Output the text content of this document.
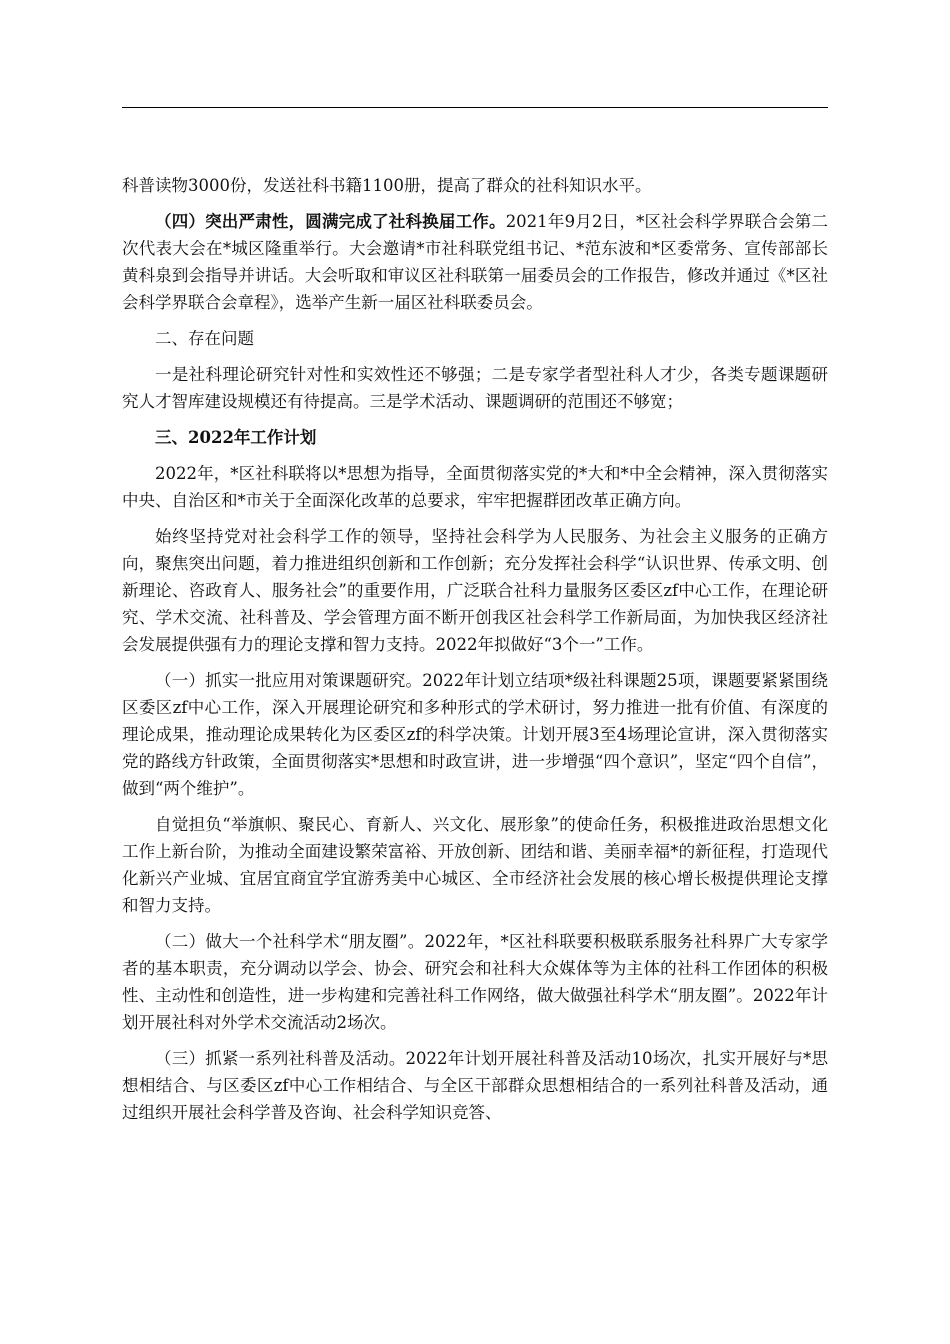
科普读物3000份，发送社科书籍1100册，提高了群众的社科知识水平。

（四）突出严肃性，圆满完成了社科换届工作。2021年9月2日，*区社会科学界联合会第二次代表大会在*城区隆重举行。大会邀请*市社科联党组书记、*范东波和*区委常务、宣传部部长黄科泉到会指导并讲话。大会听取和审议区社科联第一届委员会的工作报告，修改并通过《*区社会科学界联合会章程》，选举产生新一届区社科联委员会。

二、存在问题

一是社科理论研究针对性和实效性还不够强；二是专家学者型社科人才少，各类专题课题研究人才智库建设规模还有待提高。三是学术活动、课题调研的范围还不够宽；

三、2022年工作计划

2022年，*区社科联将以*思想为指导，全面贯彻落实党的*大和*中全会精神，深入贯彻落实中央、自治区和*市关于全面深化改革的总要求，牢牢把握群团改革正确方向。

始终坚持党对社会科学工作的领导，坚持社会科学为人民服务、为社会主义服务的正确方向，聚焦突出问题，着力推进组织创新和工作创新；充分发挥社会科学“认识世界、传承文明、创新理论、咨政育人、服务社会”的重要作用，广泛联合社科力量服务区委区zf中心工作，在理论研究、学术交流、社科普及、学会管理方面不断开创我区社会科学工作新局面，为加快我区经济社会发展提供强有力的理论支撑和智力支持。2022年拟做好“3个一”工作。

（一）抓实一批应用对策课题研究。2022年计划立结项*级社科课题25项，课题要紧紧围绕区委区zf中心工作，深入开展理论研究和多种形式的学术研讨，努力推进一批有价值、有深度的理论成果，推动理论成果转化为区委区zf的科学决策。计划开展3至4场理论宣讲，深入贯彻落实党的路线方针政策，全面贯彻落实*思想和时政宣讲，进一步增强“四个意识”，坚定“四个自信”，做到“两个维护”。

自觉担负“举旗帜、聚民心、育新人、兴文化、展形象”的使命任务，积极推进政治思想文化工作上新台阶，为推动全面建设繁荣富裕、开放创新、团结和谐、美丽幸福*的新征程，打造现代化新兴产业城、宜居宜商宜学宜游秀美中心城区、全市经济社会发展的核心增长极提供理论支撑和智力支持。

（二）做大一个社科学术“朋友圈”。2022年，*区社科联要积极联系服务社科界广大专家学者的基本职责，充分调动以学会、协会、研究会和社科大众媒体等为主体的社科工作团体的积极性、主动性和创造性，进一步构建和完善社科工作网络，做大做强社科学术“朋友圈”。2022年计划开展社科对外学术交流活动2场次。

（三）抓紧一系列社科普及活动。2022年计划开展社科普及活动10场次，扎实开展好与*思想相结合、与区委区zf中心工作相结合、与全区干部群众思想相结合的一系列社科普及活动，通过组织开展社会科学普及咨询、社会科学知识竞答、
